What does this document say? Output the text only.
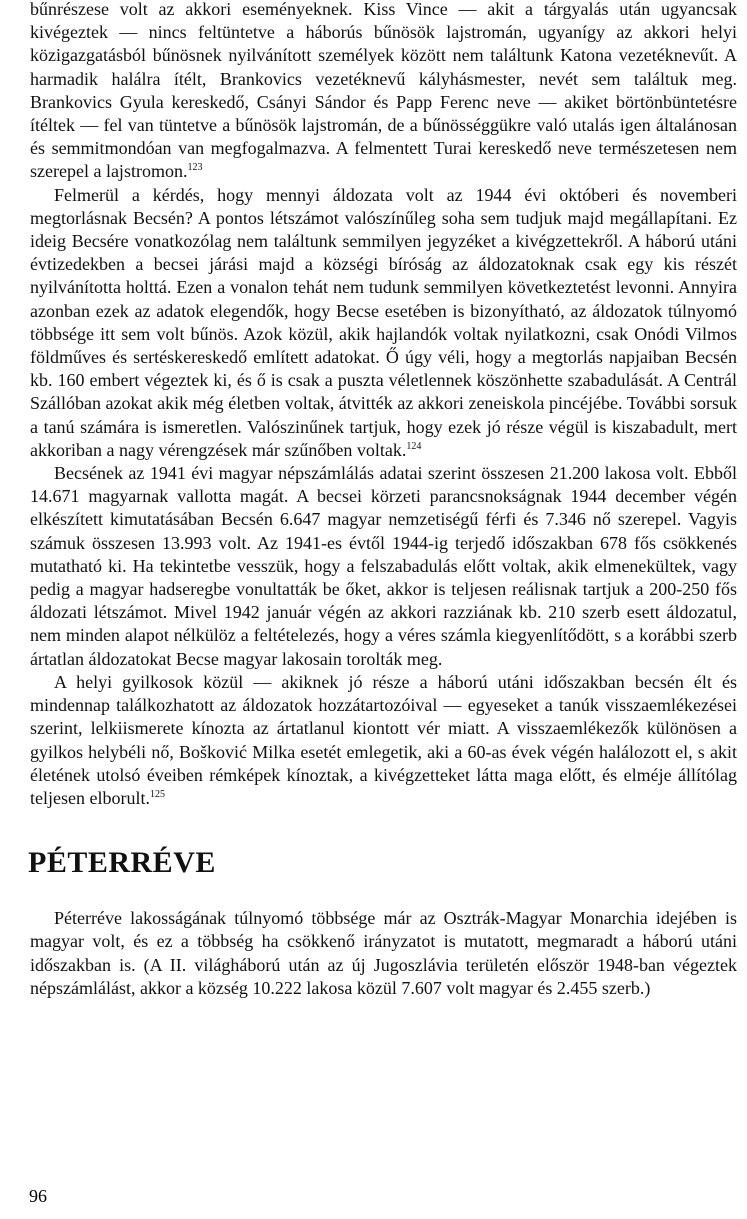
bűnrészese volt az akkori eseményeknek. Kiss Vince — akit a tárgyalás után ugyancsak kivégeztek — nincs feltüntetve a háborús bűnösök lajstromán, ugyanígy az akkori helyi közigazgatásból bűnösnek nyilvánított személyek között nem találtunk Katona vezetéknevűt. A harmadik halálra ítélt, Brankovics vezetéknevű kályhásmester, nevét sem találtuk meg. Brankovics Gyula kereskedő, Csányi Sándor és Papp Ferenc neve — akiket börtönbüntetésre ítéltek — fel van tüntetve a bűnösök lajstromán, de a bűnösséggükre való utalás igen általánosan és semmitmondóan van megfogalmazva. A felmentett Turai kereskedő neve természetesen nem szerepel a lajstromon.$^{123}$

Felmerül a kérdés, hogy mennyi áldozata volt az 1944 évi októberi és novemberi megtorlásnak Becsén? A pontos létszámot valószínűleg soha sem tudjuk majd megállapítani. Ez ideig Becsére vonatkozólag nem találtunk semmilyen jegyzéket a kivégzettekről. A háború utáni évtizedekben a becsei járási majd a községi bíróság az áldozatoknak csak egy kis részét nyilvánította holttá. Ezen a vonalon tehát nem tudunk semmilyen következtetést levonni. Annyira azonban ezek az adatok elegendők, hogy Becse esetében is bizonyítható, az áldozatok túlnyomó többsége itt sem volt bűnös. Azok közül, akik hajlandók voltak nyilatkozni, csak Onódi Vilmos földműves és sertéskereskedő említett adatokat. Ő úgy véli, hogy a megtorlás napjaiban Becsén kb. 160 embert végeztek ki, és ő is csak a puszta véletlennek köszönhette szabadulását. A Centrál Szállóban azokat akik még életben voltak, átvitték az akkori zeneiskola pincéjébe. További sorsuk a tanú számára is ismeretlen. Valószinűnek tartjuk, hogy ezek jó része végül is kiszabadult, mert akkoriban a nagy vérengzések már szűnőben voltak.$^{124}$

Becsének az 1941 évi magyar népszámlálás adatai szerint összesen 21.200 lakosa volt. Ebből 14.671 magyarnak vallotta magát. A becsei körzeti parancsnokságnak 1944 december végén elkészített kimutatásában Becsén 6.647 magyar nemzetiségű férfi és 7.346 nő szerepel. Vagyis számuk összesen 13.993 volt. Az 1941-es évtől 1944-ig terjedő időszakban 678 fős csökkenés mutatható ki. Ha tekintetbe vesszük, hogy a felszabadulás előtt voltak, akik elmenekültek, vagy pedig a magyar hadseregbe vonultatták be őket, akkor is teljesen reálisnak tartjuk a 200-250 fős áldozati létszámot. Mivel 1942 január végén az akkori razziának kb. 210 szerb esett áldozatul, nem minden alapot nélkülöz a feltételezés, hogy a véres számla kiegyenlítődött, s a korábbi szerb ártatlan áldozatokat Becse magyar lakosain torolták meg.

A helyi gyilkosok közül — akiknek jó része a háború utáni időszakban becsén élt és mindennap találkozhatott az áldozatok hozzátartozóival — egyeseket a tanúk visszaemlékezései szerint, lelkiismerete kínozta az ártatlanul kiontott vér miatt. A visszaemlékezők különösen a gyilkos helybéli nő, Bošković Milka esetét emlegetik, aki a 60-as évek végén halálozott el, s akit életének utolsó éveiben rémképek kínoztak, a kivégzetteket látta maga előtt, és elméje állítólag teljesen elborult.$^{125}$

PÉTERRÉVE

Péterréve lakosságának túlnyomó többsége már az Osztrák-Magyar Monarchia idejében is magyar volt, és ez a többség ha csökkenő irányzatot is mutatott, megmaradt a háború utáni időszakban is. (A II. világháború után az új Jugoszlávia területén először 1948-ban végeztek népszámlálást, akkor a község 10.222 lakosa közül 7.607 volt magyar és 2.455 szerb.)

96
